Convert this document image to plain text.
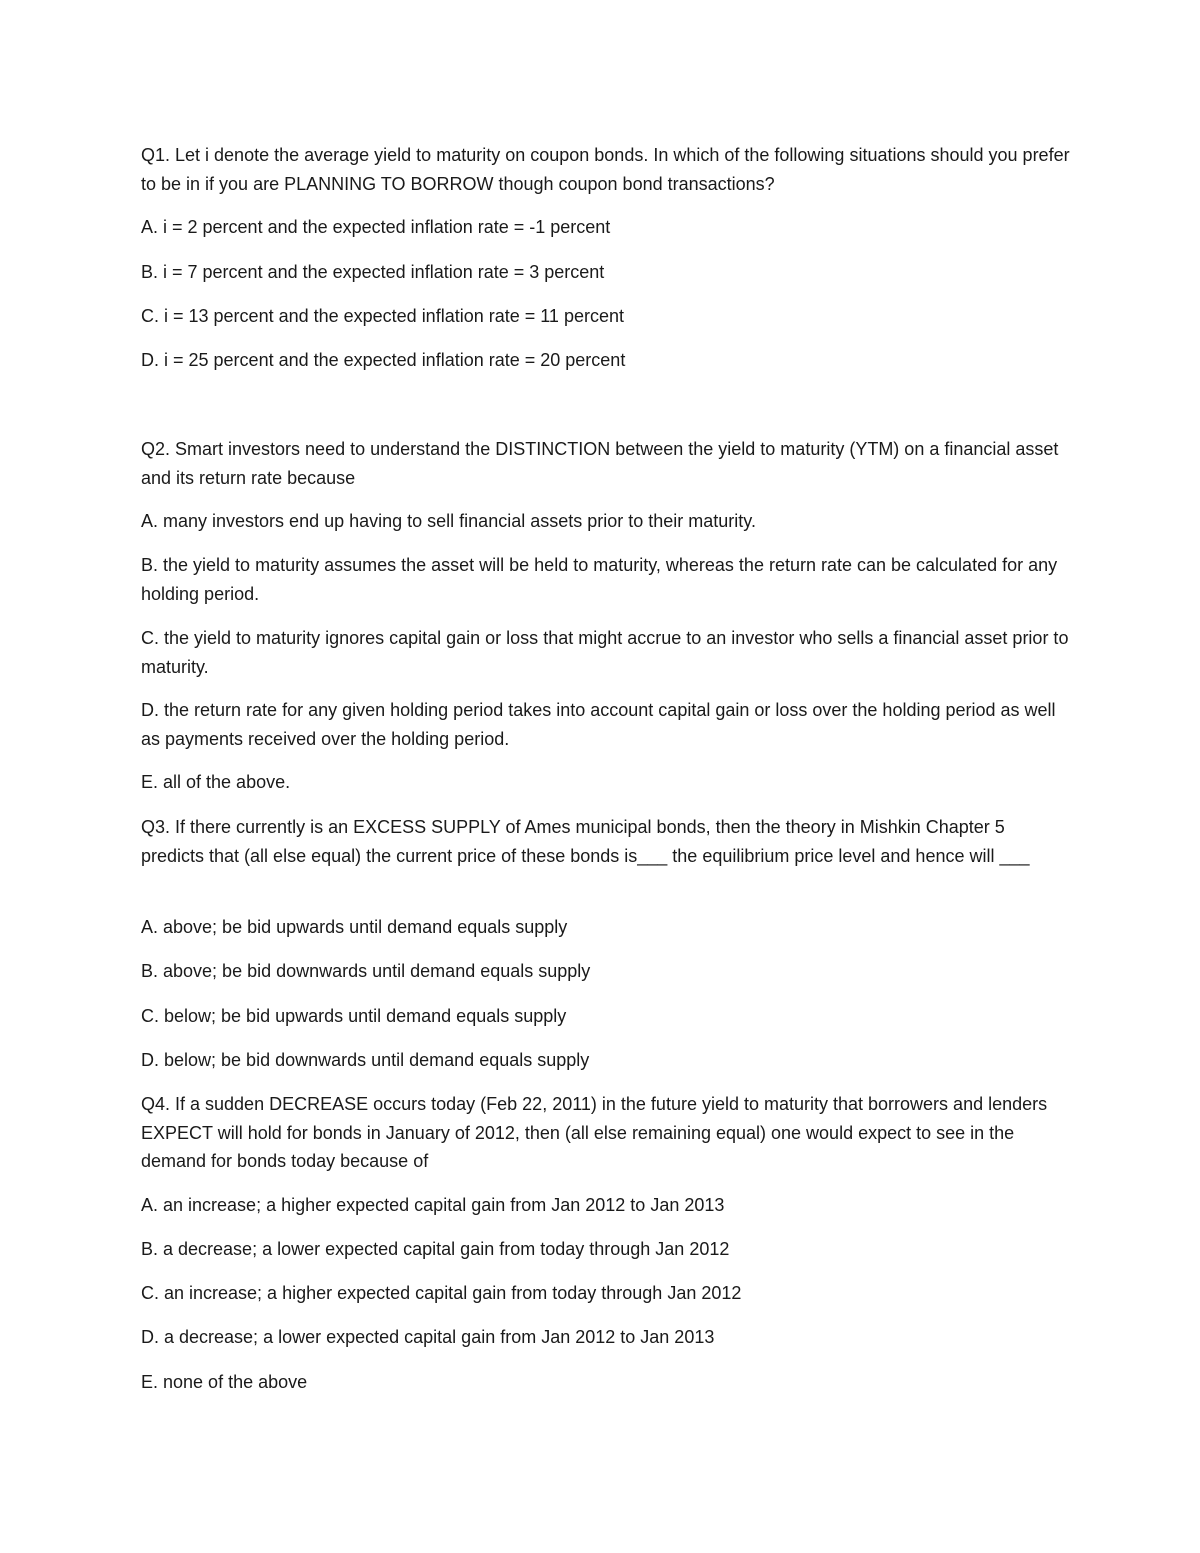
Q1. Let i denote the average yield to maturity on coupon bonds. In which of the following situations should you prefer to be in if you are PLANNING TO BORROW though coupon bond transactions?

A. i = 2 percent and the expected inflation rate = -1 percent

B. i = 7 percent and the expected inflation rate = 3 percent

C. i = 13 percent and the expected inflation rate = 11 percent

D. i = 25 percent and the expected inflation rate = 20 percent

Q2. Smart investors need to understand the DISTINCTION between the yield to maturity (YTM) on a financial asset and its return rate because

A. many investors end up having to sell financial assets prior to their maturity.

B. the yield to maturity assumes the asset will be held to maturity, whereas the return rate can be calculated for any holding period.

C. the yield to maturity ignores capital gain or loss that might accrue to an investor who sells a financial asset prior to maturity.

D. the return rate for any given holding period takes into account capital gain or loss over the holding period as well as payments received over the holding period.

E. all of the above.

Q3. If there currently is an EXCESS SUPPLY of Ames municipal bonds, then the theory in Mishkin Chapter 5 predicts that (all else equal) the current price of these bonds is___ the equilibrium price level and hence will ___

A. above; be bid upwards until demand equals supply

B. above; be bid downwards until demand equals supply

C. below; be bid upwards until demand equals supply

D. below; be bid downwards until demand equals supply

Q4. If a sudden DECREASE occurs today (Feb 22, 2011) in the future yield to maturity that borrowers and lenders EXPECT will hold for bonds in January of 2012, then (all else remaining equal) one would expect to see in the demand for bonds today because of

A. an increase; a higher expected capital gain from Jan 2012 to Jan 2013

B. a decrease; a lower expected capital gain from today through Jan 2012

C. an increase; a higher expected capital gain from today through Jan 2012

D. a decrease; a lower expected capital gain from Jan 2012 to Jan 2013

E. none of the above
